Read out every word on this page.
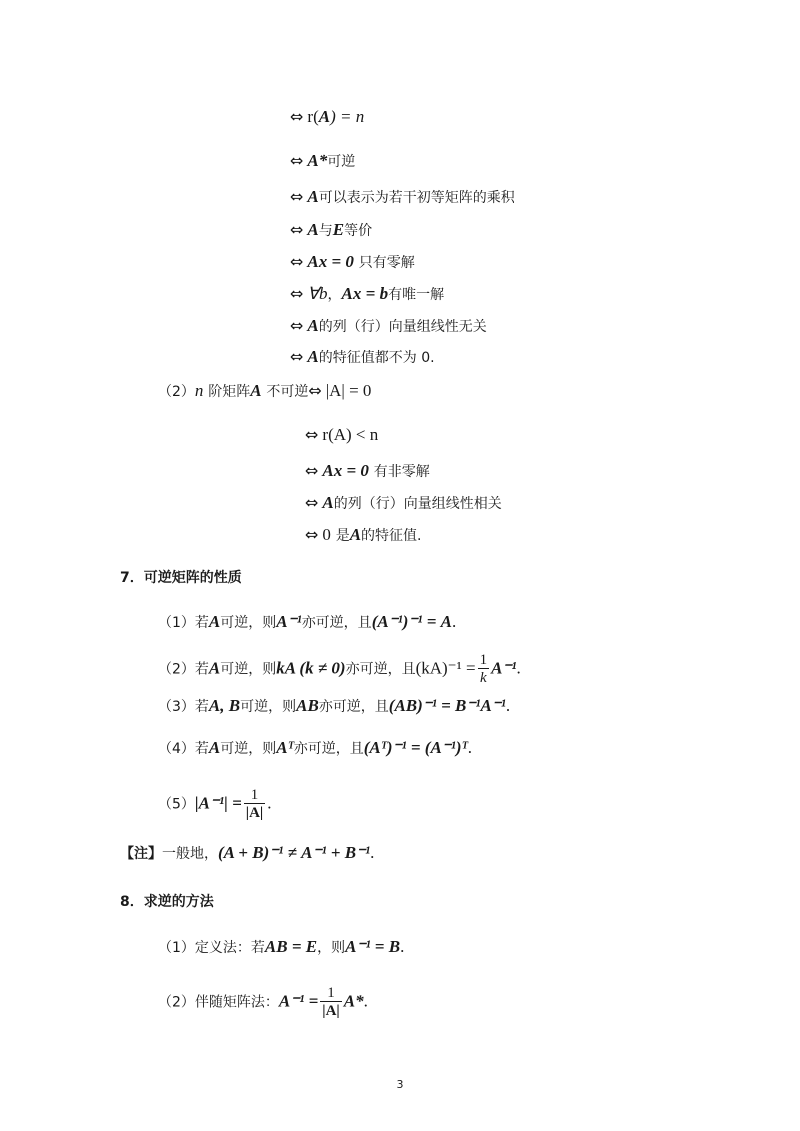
⇔ r(A) = n
⇔ A*可逆
⇔ A可以表示为若干初等矩阵的乘积
⇔ A与E等价
⇔ Ax = 0 只有零解
⇔ ∀b，Ax = b有唯一解
⇔ A的列（行）向量组线性无关
⇔ A的特征值都不为 0.
（2）n 阶矩阵A 不可逆⇔ |A| = 0
⇔ r(A) < n
⇔ Ax = 0 有非零解
⇔ A的列（行）向量组线性相关
⇔ 0 是A的特征值.
7．可逆矩阵的性质
（1）若A可逆，则A⁻¹亦可逆，且(A⁻¹)⁻¹ = A.
（2）若A可逆，则kA (k ≠ 0)亦可逆，且$(kA)^{-1} = \frac{1}{k} A^{-1}$.
（3）若A, B可逆，则AB亦可逆，且(AB)⁻¹ = B⁻¹A⁻¹.
（4）若A可逆，则Aᵀ亦可逆，且(Aᵀ)⁻¹ = (A⁻¹)ᵀ.
$(5)|A^{-1}| = \frac{1}{|A|}$ .
【注】一般地，(A + B)⁻¹ ≠ A⁻¹ + B⁻¹.
8．求逆的方法
（1）定义法：若AB = E，则A⁻¹ = B.
（2）伴随矩阵法：$A^{-1} = \frac{1}{|A|} A*$.
3
